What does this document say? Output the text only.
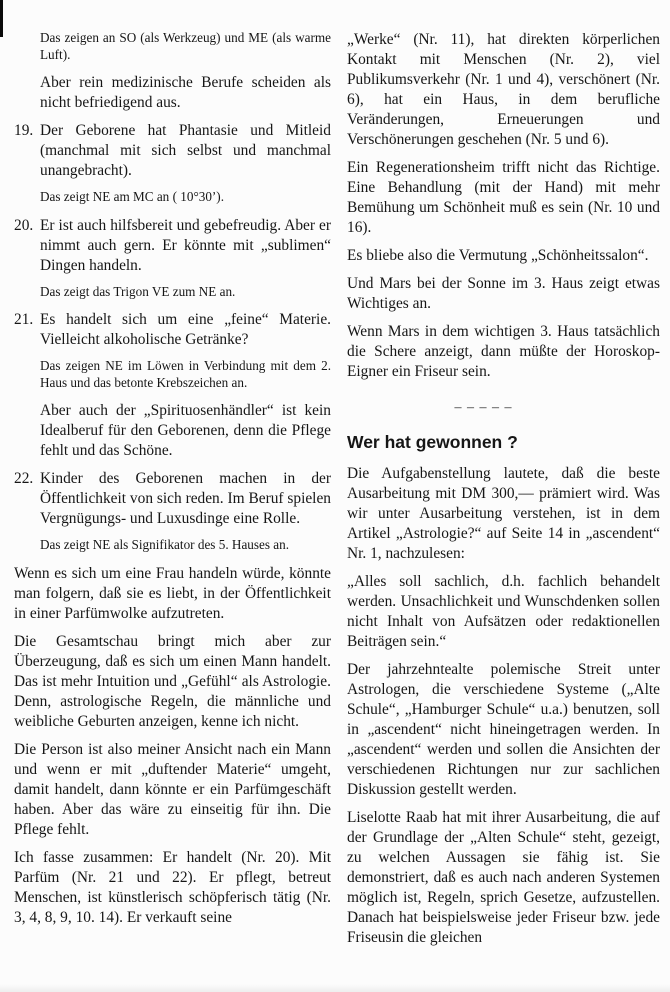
Das zeigen an SO (als Werkzeug) und ME (als warme Luft).
Aber rein medizinische Berufe scheiden als nicht befriedigend aus.
19. Der Geborene hat Phantasie und Mitleid (manchmal mit sich selbst und manchmal unangebracht).
Das zeigt NE am MC an ( 10°30’).
20. Er ist auch hilfsbereit und gebefreudig. Aber er nimmt auch gern. Er könnte mit „sublimen“ Dingen handeln.
Das zeigt das Trigon VE zum NE an.
21. Es handelt sich um eine „feine“ Materie. Vielleicht alkoholische Getränke?
Das zeigen NE im Löwen in Verbindung mit dem 2. Haus und das betonte Krebszeichen an.
Aber auch der „Spirituosenhändler“ ist kein Idealberuf für den Geborenen, denn die Pflege fehlt und das Schöne.
22. Kinder des Geborenen machen in der Öffentlichkeit von sich reden. Im Beruf spielen Vergnügungs- und Luxusdinge eine Rolle.
Das zeigt NE als Signifikator des 5. Hauses an.
Wenn es sich um eine Frau handeln würde, könnte man folgern, daß sie es liebt, in der Öffentlichkeit in einer Parfümwolke aufzutreten.
Die Gesamtschau bringt mich aber zur Überzeugung, daß es sich um einen Mann handelt. Das ist mehr Intuition und „Gefühl“ als Astrologie. Denn, astrologische Regeln, die männliche und weibliche Geburten anzeigen, kenne ich nicht.
Die Person ist also meiner Ansicht nach ein Mann und wenn er mit „duftender Materie“ umgeht, damit handelt, dann könnte er ein Parfümgeschäft haben. Aber das wäre zu einseitig für ihn. Die Pflege fehlt.
Ich fasse zusammen: Er handelt (Nr. 20). Mit Parfüm (Nr. 21 und 22). Er pflegt, betreut Menschen, ist künstlerisch schöpferisch tätig (Nr. 3, 4, 8, 9, 10. 14). Er verkauft seine
„Werke“ (Nr. 11), hat direkten körperlichen Kontakt mit Menschen (Nr. 2), viel Publikumsverkehr (Nr. 1 und 4), verschönert (Nr. 6), hat ein Haus, in dem berufliche Veränderungen, Erneuerungen und Verschönerungen geschehen (Nr. 5 und 6).
Ein Regenerationsheim trifft nicht das Richtige. Eine Behandlung (mit der Hand) mit mehr Bemühung um Schönheit muß es sein (Nr. 10 und 16).
Es bliebe also die Vermutung „Schönheitssalon“.
Und Mars bei der Sonne im 3. Haus zeigt etwas Wichtiges an.
Wenn Mars in dem wichtigen 3. Haus tatsächlich die Schere anzeigt, dann müßte der Horoskop-Eigner ein Friseur sein.
– – – – –
Wer hat gewonnen ?
Die Aufgabenstellung lautete, daß die beste Ausarbeitung mit DM 300,— prämiert wird. Was wir unter Ausarbeitung verstehen, ist in dem Artikel „Astrologie?“ auf Seite 14 in „ascendent“ Nr. 1, nachzulesen:
„Alles soll sachlich, d.h. fachlich behandelt werden. Unsachlichkeit und Wunschdenken sollen nicht Inhalt von Aufsätzen oder redaktionellen Beiträgen sein.“
Der jahrzehntealte polemische Streit unter Astrologen, die verschiedene Systeme („Alte Schule“, „Hamburger Schule“ u.a.) benutzen, soll in „ascendent“ nicht hineingetragen werden. In „ascendent“ werden und sollen die Ansichten der verschiedenen Richtungen nur zur sachlichen Diskussion gestellt werden.
Liselotte Raab hat mit ihrer Ausarbeitung, die auf der Grundlage der „Alten Schule“ steht, gezeigt, zu welchen Aussagen sie fähig ist. Sie demonstriert, daß es auch nach anderen Systemen möglich ist, Regeln, sprich Gesetze, aufzustellen. Danach hat beispielsweise jeder Friseur bzw. jede Friseusin die gleichen
